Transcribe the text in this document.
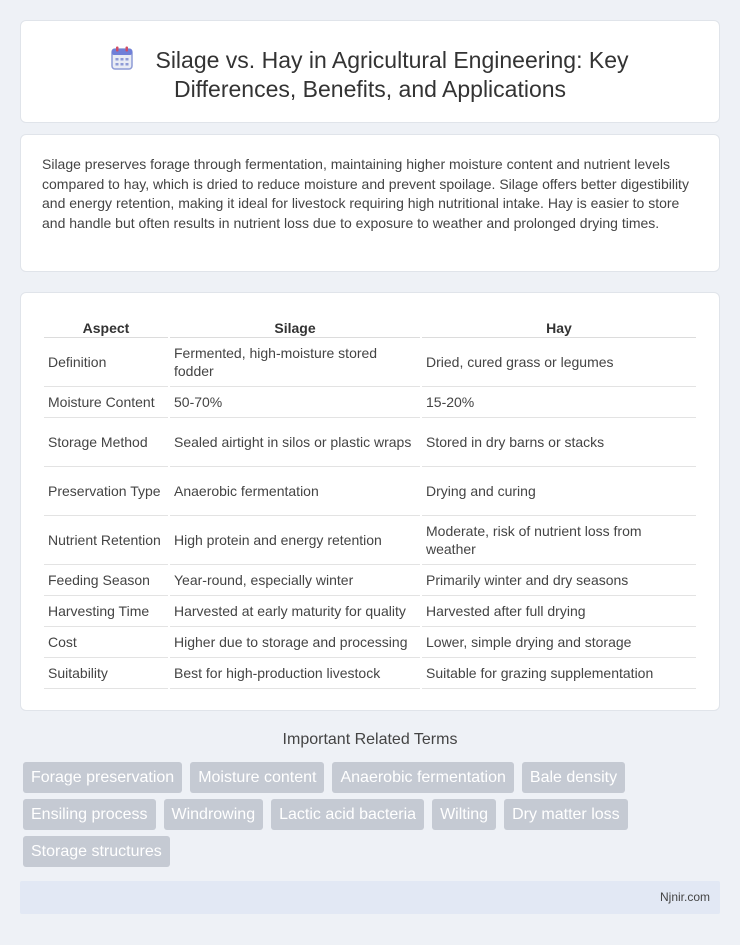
Silage vs. Hay in Agricultural Engineering: Key Differences, Benefits, and Applications

Silage preserves forage through fermentation, maintaining higher moisture content and nutrient levels compared to hay, which is dried to reduce moisture and prevent spoilage. Silage offers better digestibility and energy retention, making it ideal for livestock requiring high nutritional intake. Hay is easier to store and handle but often results in nutrient loss due to exposure to weather and prolonged drying times.

Aspect	Silage	Hay
Definition	Fermented, high-moisture stored fodder	Dried, cured grass or legumes
Moisture Content	50-70%	15-20%
Storage Method	Sealed airtight in silos or plastic wraps	Stored in dry barns or stacks
Preservation Type	Anaerobic fermentation	Drying and curing
Nutrient Retention	High protein and energy retention	Moderate, risk of nutrient loss from weather
Feeding Season	Year-round, especially winter	Primarily winter and dry seasons
Harvesting Time	Harvested at early maturity for quality	Harvested after full drying
Cost	Higher due to storage and processing	Lower, simple drying and storage
Suitability	Best for high-production livestock	Suitable for grazing supplementation
Important Related Terms
Forage preservation	Moisture content	Anaerobic fermentation	Bale density
Ensiling process	Windrowing	Lactic acid bacteria	Wilting	Dry matter loss
Storage structures
Njnir.com
